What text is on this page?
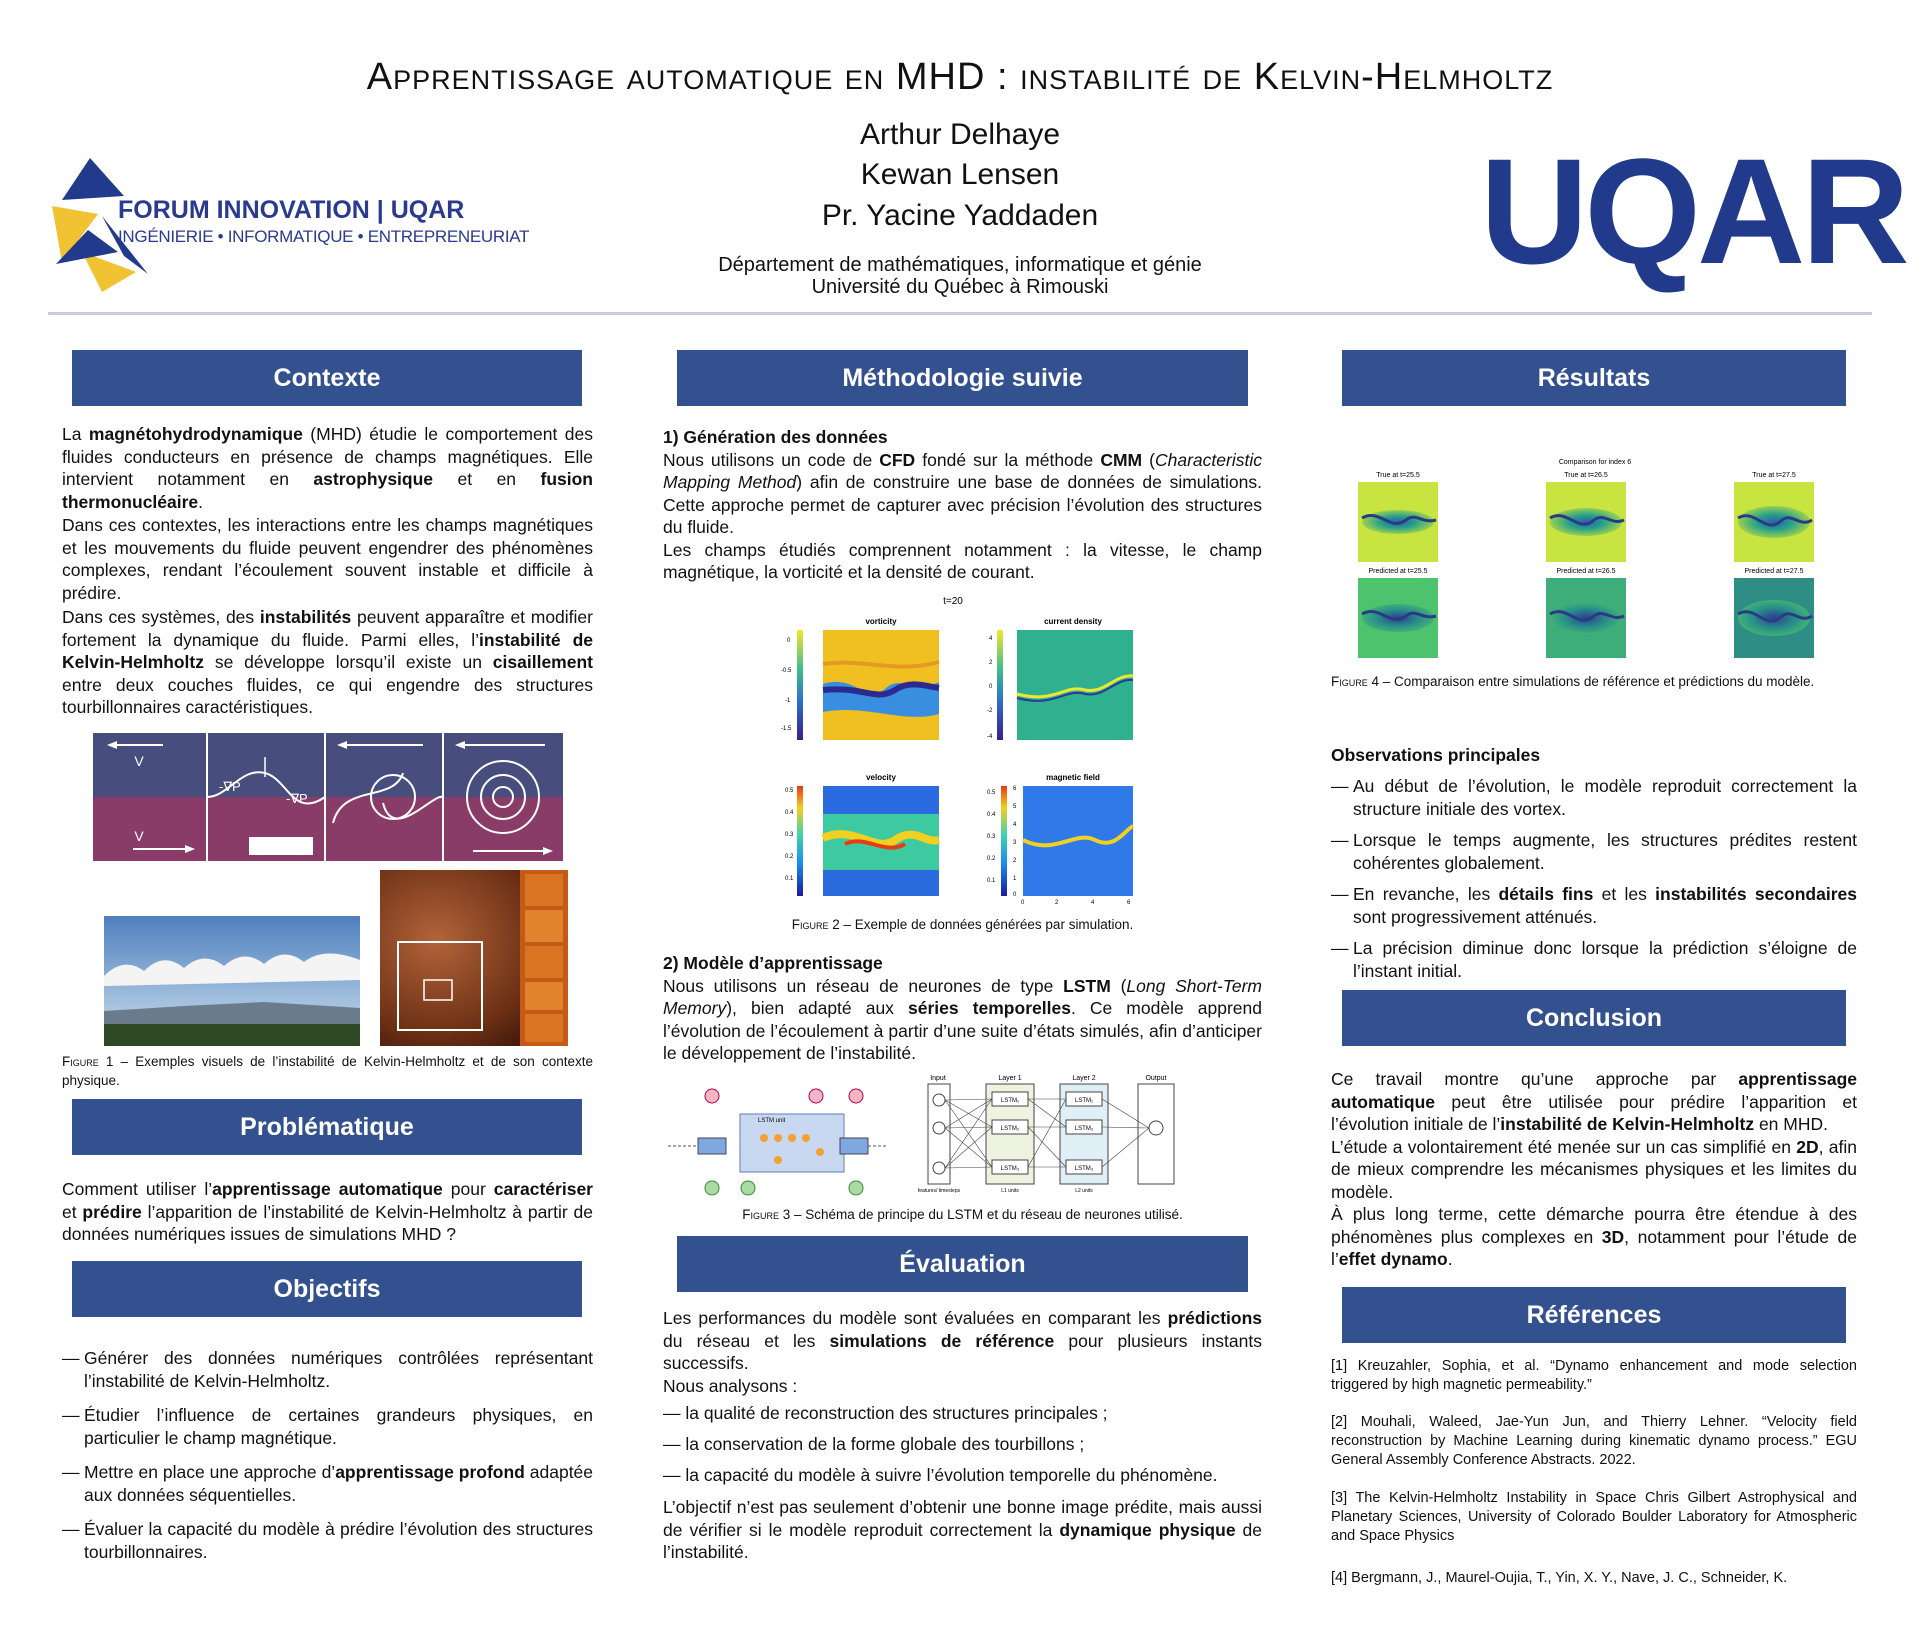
Apprentissage automatique en MHD : instabilité de Kelvin-Helmholtz
Arthur Delhaye
Kewan Lensen
Pr. Yacine Yaddaden
Département de mathématiques, informatique et génie
Université du Québec à Rimouski
FORUM INNOVATION | UQAR
INGÉNIERIE • INFORMATIQUE • ENTREPRENEURIAT	UQAR
Contexte
La magnétohydrodynamique (MHD) étudie le comportement des fluides conducteurs en présence de champs magnétiques. Elle intervient notamment en astrophysique et en fusion thermonucléaire.
Dans ces contextes, les interactions entre les champs magnétiques et les mouvements du fluide peuvent engendrer des phénomènes complexes, rendant l’écoulement souvent instable et difficile à prédire.
Dans ces systèmes, des instabilités peuvent apparaître et modifier fortement la dynamique du fluide. Parmi elles, l’instabilité de Kelvin-Helmholtz se développe lorsqu’il existe un cisaillement entre deux couches fluides, ce qui engendre des structures tourbillonnaires caractéristiques.
V
V
-∇P
-∇P
Figure 1 – Exemples visuels de l’instabilité de Kelvin-Helmholtz et de son contexte physique.
Problématique
Comment utiliser l’apprentissage automatique pour caractériser et prédire l’apparition de l’instabilité de Kelvin-Helmholtz à partir de données numériques issues de simulations MHD ?
Objectifs
— Générer des données numériques contrôlées représentant l’instabilité de Kelvin-Helmholtz.
— Étudier l’influence de certaines grandeurs physiques, en particulier le champ magnétique.
— Mettre en place une approche d’apprentissage profond adaptée aux données séquentielles.
— Évaluer la capacité du modèle à prédire l’évolution des structures tourbillonnaires.
Méthodologie suivie
1) Génération des données
Nous utilisons un code de CFD fondé sur la méthode CMM (Characteristic Mapping Method) afin de construire une base de données de simulations. Cette approche permet de capturer avec précision l’évolution des structures du fluide.
Les champs étudiés comprennent notamment : la vitesse, le champ magnétique, la vorticité et la densité de courant.
t=20
vorticity
0
-0.5
-1
-1.5
current density
4
2
0
-2
-4
velocity
0.5
0.4
0.3
0.2
0.1
magnetic field
0.5
0.4
0.3
0.2
0.1
6
5
4
3
2
1
0
0	2	4	6
Figure 2 – Exemple de données générées par simulation.
2) Modèle d’apprentissage
Nous utilisons un réseau de neurones de type LSTM (Long Short-Term Memory), bien adapté aux séries temporelles. Ce modèle apprend l’évolution de l’écoulement à partir d’une suite d’états simulés, afin d’anticiper le développement de l’instabilité.
LSTM unit
Input	Layer 1	Layer 2	Output
LSTM₁
LSTM₂
LSTM₃
LSTM₁
LSTM₂
LSTM₃
features/ timesteps	L1 units	L2 units
Figure 3 – Schéma de principe du LSTM et du réseau de neurones utilisé.
Évaluation
Les performances du modèle sont évaluées en comparant les prédictions du réseau et les simulations de référence pour plusieurs instants successifs.
Nous analysons :
— la qualité de reconstruction des structures principales ;
— la conservation de la forme globale des tourbillons ;
— la capacité du modèle à suivre l’évolution temporelle du phénomène.
L’objectif n’est pas seulement d’obtenir une bonne image prédite, mais aussi de vérifier si le modèle reproduit correctement la dynamique physique de l’instabilité.
Résultats
Comparison for index 6
True at t=25.5	True at t=26.5	True at t=27.5
Predicted at t=25.5	Predicted at t=26.5	Predicted at t=27.5
Figure 4 – Comparaison entre simulations de référence et prédictions du modèle.
Observations principales
— Au début de l’évolution, le modèle reproduit correctement la structure initiale des vortex.
— Lorsque le temps augmente, les structures prédites restent cohérentes globalement.
— En revanche, les détails fins et les instabilités secondaires sont progressivement atténués.
— La précision diminue donc lorsque la prédiction s’éloigne de l’instant initial.
Conclusion
Ce travail montre qu’une approche par apprentissage automatique peut être utilisée pour prédire l’apparition et l’évolution initiale de l’instabilité de Kelvin-Helmholtz en MHD.
L’étude a volontairement été menée sur un cas simplifié en 2D, afin de mieux comprendre les mécanismes physiques et les limites du modèle.
À plus long terme, cette démarche pourra être étendue à des phénomènes plus complexes en 3D, notamment pour l’étude de l’effet dynamo.
Références
[1] Kreuzahler, Sophia, et al. “Dynamo enhancement and mode selection triggered by high magnetic permeability.”
[2] Mouhali, Waleed, Jae-Yun Jun, and Thierry Lehner. “Velocity field reconstruction by Machine Learning during kinematic dynamo process.” EGU General Assembly Conference Abstracts. 2022.
[3] The Kelvin-Helmholtz Instability in Space Chris Gilbert Astrophysical and Planetary Sciences, University of Colorado Boulder Laboratory for Atmospheric and Space Physics
[4] Bergmann, J., Maurel-Oujia, T., Yin, X. Y., Nave, J. C., Schneider, K.
